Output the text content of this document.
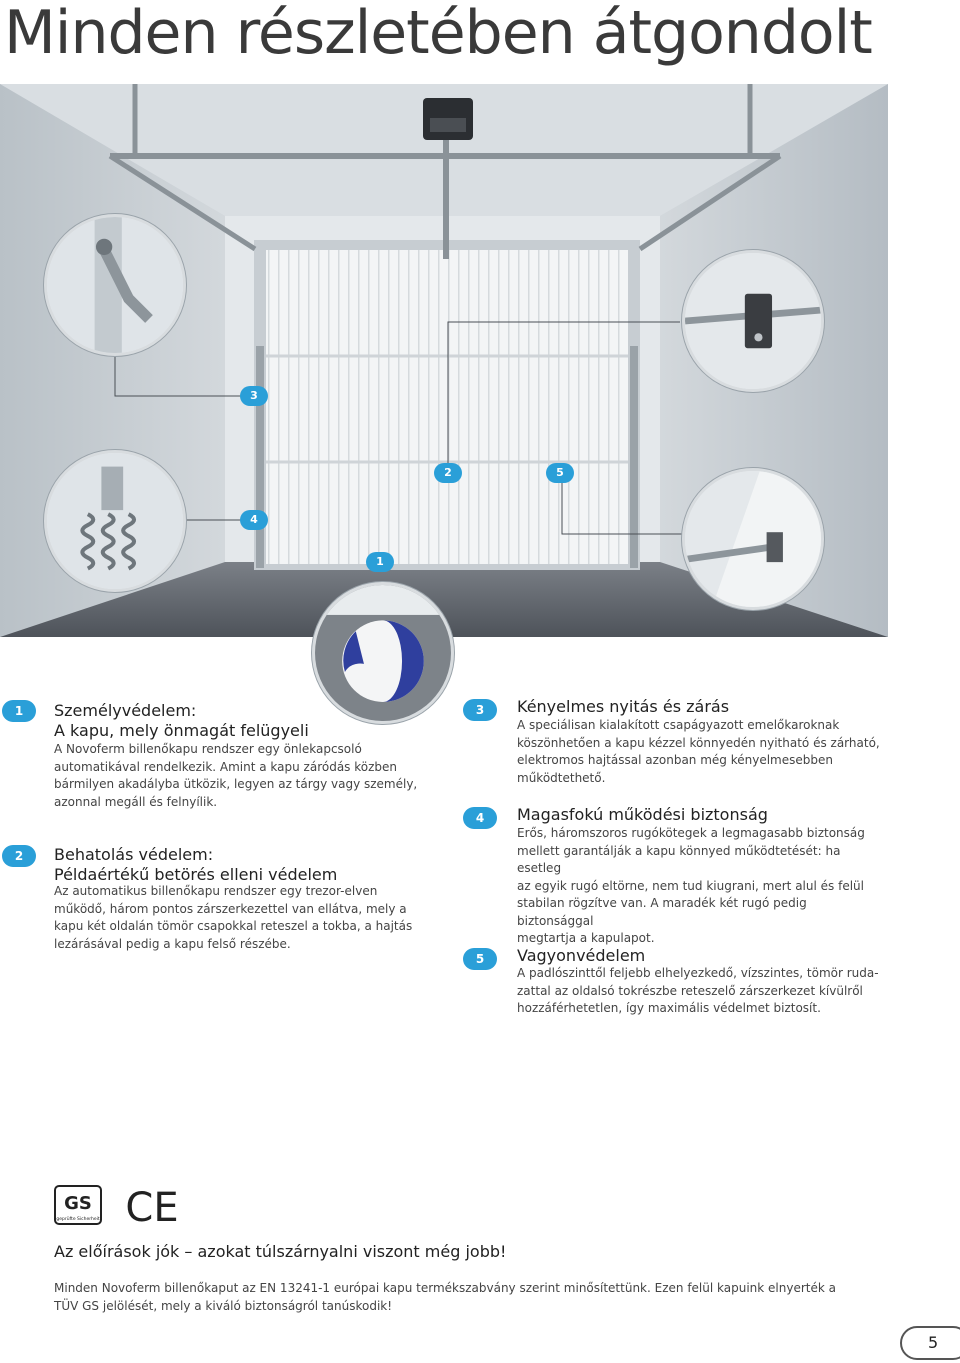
Minden részletében átgondolt
3
2	5
4
1
1	Személyvédelem:
A kapu, mely önmagát felügyeli
A Novoferm billenőkapu rendszer egy önlekapcsoló
automatikával rendelkezik. Amint a kapu záródás közben
bármilyen akadályba ütközik, legyen az tárgy vagy személy,
azonnal megáll és felnyílik.
2	Behatolás védelem:
Példaértékű betörés elleni védelem
Az automatikus billenőkapu rendszer egy trezor-elven
működő, három pontos zárszerkezettel van ellátva, mely a
kapu két oldalán tömör csapokkal reteszel a tokba, a hajtás
lezárásával pedig a kapu felső részébe.
3	Kényelmes nyitás és zárás
A speciálisan kialakított csapágyazott emelőkaroknak
köszönhetően a kapu kézzel könnyedén nyitható és zárható,
elektromos hajtással azonban még kényelmesebben
működtethető.
4	Magasfokú működési biztonság
Erős, háromszoros rugókötegek a legmagasabb biztonság
mellett garantálják a kapu könnyed működtetését: ha esetleg
az egyik rugó eltörne, nem tud kiugrani, mert alul és felül
stabilan rögzítve van. A maradék két rugó pedig biztonsággal
megtartja a kapulapot.
5	Vagyonvédelem
A padlószinttől feljebb elhelyezkedő, vízszintes, tömör ruda-
zattal az oldalsó tokrészbe reteszelő zárszerkezet kívülről
hozzáférhetetlen, így maximális védelmet biztosít.
GS
geprüfte Sicherheit CE

Az előírások jók – azokat túlszárnyalni viszont még jobb!

Minden Novoferm billenőkaput az EN 13241-1 európai kapu termékszabvány szerint minősítettünk. Ezen felül kapuink elnyerték a
TÜV GS jelölését, mely a kiváló biztonságról tanúskodik!
5
